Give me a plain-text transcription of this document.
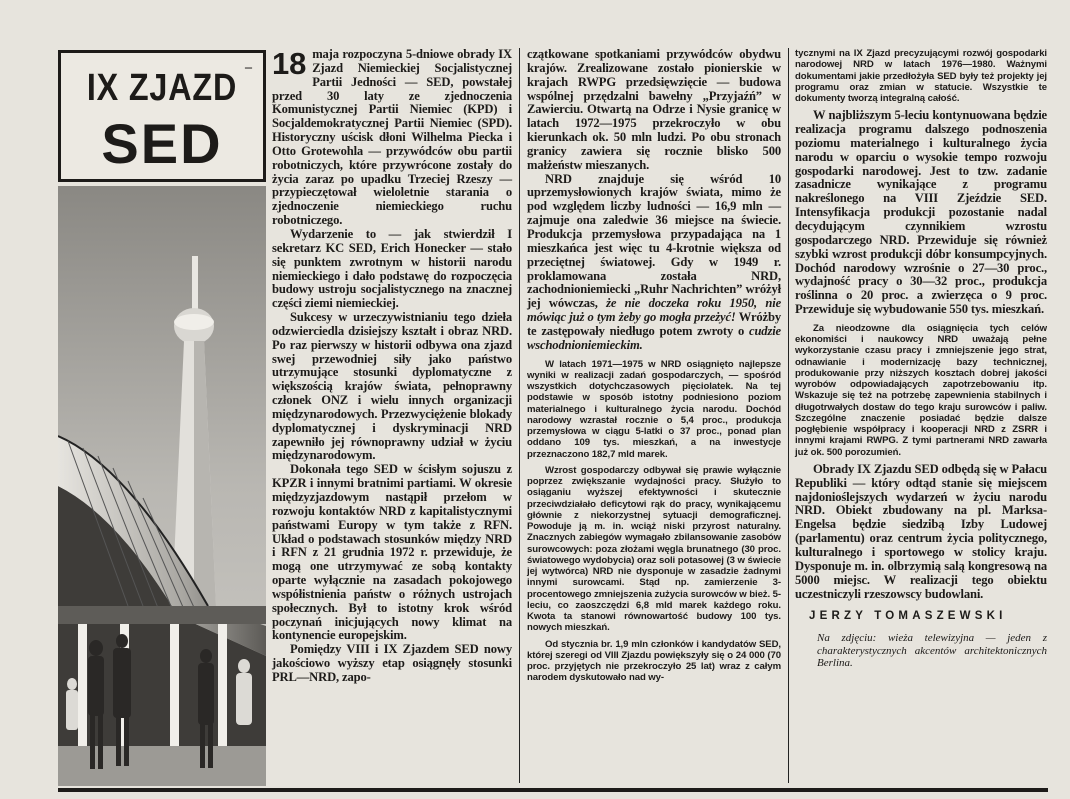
IX ZJAZD
SED
– 18 maja rozpoczyna 5-dniowe obrady IX Zjazd Niemieckiej Socjalistycznej Partii Jedności — SED, powstałej przed 30 laty ze zjednoczenia Komunistycznej Partii Niemiec (KPD) i Socjaldemokratycznej Partii Niemiec (SPD). Historyczny uścisk dłoni Wilhelma Piecka i Otto Grotewohla — przywódców obu partii robotniczych, które przywrócone zostały do życia zaraz po upadku Trzeciej Rzeszy — przypieczętował wieloletnie starania o zjednoczenie niemieckiego ruchu robotniczego.

Wydarzenie to — jak stwierdził I sekretarz KC SED, Erich Honecker — stało się punktem zwrotnym w historii narodu niemieckiego i dało podstawę do rozpoczęcia budowy ustroju socjalistycznego na znacznej części ziemi niemieckiej.

Sukcesy w urzeczywistnianiu tego dzieła odzwierciedla dzisiejszy kształt i obraz NRD. Po raz pierwszy w historii odbywa ona zjazd swej przewodniej siły jako państwo utrzymujące stosunki dyplomatyczne z większością krajów świata, pełnoprawny członek ONZ i wielu innych organizacji międzynarodowych. Przezwyciężenie blokady dyplomatycznej i dyskryminacji NRD zapewniło jej równoprawny udział w życiu międzynarodowym.

Dokonała tego SED w ścisłym sojuszu z KPZR i innymi bratnimi partiami. W okresie międzyzjazdowym nastąpił przełom w rozwoju kontaktów NRD z kapitalistycznymi państwami Europy w tym także z RFN. Układ o podstawach stosunków między NRD i RFN z 21 grudnia 1972 r. przewiduje, że mogą one utrzymywać ze sobą kontakty oparte wyłącznie na zasadach pokojowego współistnienia państw o różnych ustrojach społecznych. Był to istotny krok wśród poczynań inicjujących nowy klimat na kontynencie europejskim.

Pomiędzy VIII i IX Zjazdem SED nowy jakościowo wyższy etap osiągnęły stosunki PRL—NRD, zapo-

czątkowane spotkaniami przywódców obydwu krajów. Zrealizowane zostało pionierskie w krajach RWPG przedsięwzięcie — budowa wspólnej przędzalni bawełny „Przyjaźń” w Zawierciu. Otwartą na Odrze i Nysie granicę w latach 1972—1975 przekroczyło w obu kierunkach ok. 50 mln ludzi. Po obu stronach granicy zawiera się rocznie blisko 500 małżeństw mieszanych.

NRD znajduje się wśród 10 uprzemysłowionych krajów świata, mimo że pod względem liczby ludności — 16,9 mln — zajmuje ona zaledwie 36 miejsce na świecie. Produkcja przemysłowa przypadająca na 1 mieszkańca jest więc tu 4-krotnie większa od przeciętnej światowej. Gdy w 1949 r. proklamowana została NRD, zachodnioniemiecki „Ruhr Nachrichten” wróżył jej wówczas, że nie doczeka roku 1950, nie mówiąc już o tym żeby go mogła przeżyć! Wróżby te zastępowały niedługo potem zwroty o cudzie wschodnioniemieckim.

W latach 1971—1975 w NRD osiągnięto najlepsze wyniki w realizacji zadań gospodarczych, — spośród wszystkich dotychczasowych pięciolatek. Na tej podstawie w sposób istotny podniesiono poziom materialnego i kulturalnego życia narodu. Dochód narodowy wzrastał rocznie o 5,4 proc., produkcja przemysłowa w ciągu 5-latki o 37 proc., ponad plan oddano 109 tys. mieszkań, a na inwestycje przeznaczono 182,7 mld marek.

Wzrost gospodarczy odbywał się prawie wyłącznie poprzez zwiększanie wydajności pracy. Służyło to osiąganiu wyższej efektywności i skutecznie przeciwdziałało deficytowi rąk do pracy, wynikającemu głównie z niekorzystnej sytuacji demograficznej. Powoduje ją m. in. wciąż niski przyrost naturalny. Znacznych zabiegów wymagało zbilansowanie zasobów surowcowych: poza złożami węgla brunatnego (30 proc. światowego wydobycia) oraz soli potasowej (3 w świecie jej wytwórca) NRD nie dysponuje w zasadzie żadnymi innymi surowcami. Stąd np. zamierzenie 3-procentowego zmniejszenia zużycia surowców w bież. 5-leciu, co zaoszczędzi 6,8 mld marek każdego roku. Kwota ta stanowi równowartość budowy 100 tys. nowych mieszkań.

Od stycznia br. 1,9 mln członków i kandydatów SED, której szeregi od VIII Zjazdu powiększyły się o 24 000 (70 proc. przyjętych nie przekroczyło 25 lat) wraz z całym narodem dyskutowało nad wy-

tycznymi na IX Zjazd precyzującymi rozwój gospodarki narodowej NRD w latach 1976—1980. Ważnymi dokumentami jakie przedłożyła SED były też projekty jej programu oraz zmian w statucie. Wszystkie te dokumenty tworzą integralną całość.

W najbliższym 5-leciu kontynuowana będzie realizacja programu dalszego podnoszenia poziomu materialnego i kulturalnego życia narodu w oparciu o wysokie tempo rozwoju gospodarki narodowej. Jest to tzw. zadanie zasadnicze wynikające z programu nakreślonego na VIII Zjeździe SED. Intensyfikacja produkcji pozostanie nadal decydującym czynnikiem wzrostu gospodarczego NRD. Przewiduje się również szybki wzrost produkcji dóbr konsumpcyjnych. Dochód narodowy wzrośnie o 27—30 proc., wydajność pracy o 30—32 proc., produkcja roślinna o 20 proc. a zwierzęca o 9 proc. Przewiduje się wybudowanie 550 tys. mieszkań.

Za nieodzowne dla osiągnięcia tych celów ekonomiści i naukowcy NRD uważają pełne wykorzystanie czasu pracy i zmniejszenie jego strat, odnawianie i modernizację bazy technicznej, produkowanie przy niższych kosztach dobrej jakości wyrobów odpowiadających zapotrzebowaniu itp. Wskazuje się też na potrzebę zapewnienia stabilnych i długotrwałych dostaw do tego kraju surowców i paliw. Szczególne znaczenie posiadać będzie dalsze pogłębienie współpracy i kooperacji NRD z ZSRR i innymi krajami RWPG. Z tymi partnerami NRD zawarła już ok. 500 porozumień.

Obrady IX Zjazdu SED odbędą się w Pałacu Republiki — który odtąd stanie się miejscem najdonioślejszych wydarzeń w życiu narodu NRD. Obiekt zbudowany na pl. Marksa-Engelsa będzie siedzibą Izby Ludowej (parlamentu) oraz centrum życia politycznego, kulturalnego i sportowego w stolicy kraju. Dysponuje m. in. olbrzymią salą kongresową na 5000 miejsc. W realizacji tego obiektu uczestniczyli rzeszowscy budowlani.

JERZY TOMASZEWSKI
Na zdjęciu: wieża telewizyjna — jeden z charakterystycznych akcentów architektonicznych Berlina.
